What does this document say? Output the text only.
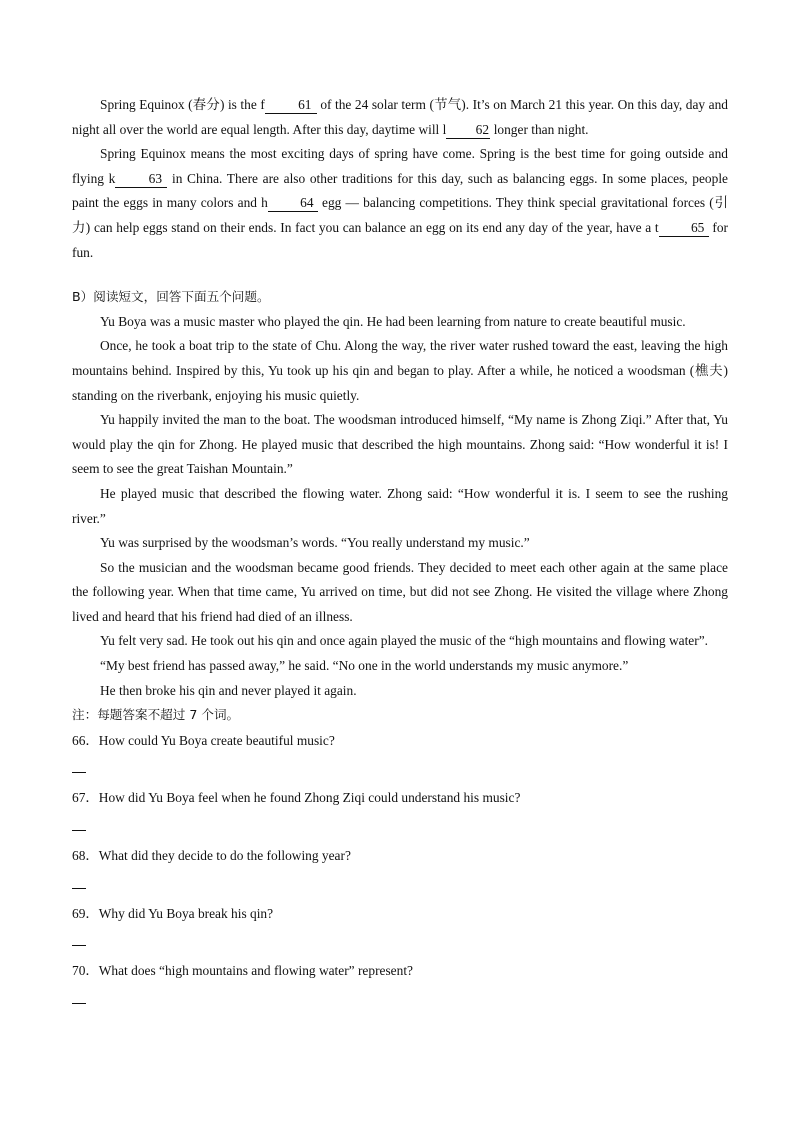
Spring Equinox (春分) is the f 61 of the 24 solar term (节气). It’s on March 21 this year. On this day, day and night all over the world are equal length. After this day, daytime will l 62 longer than night.

Spring Equinox means the most exciting days of spring have come. Spring is the best time for going outside and flying k 63 in China. There are also other traditions for this day, such as balancing eggs. In some places, people paint the eggs in many colors and h 64 egg — balancing competitions. They think special gravitational forces (引力) can help eggs stand on their ends. In fact you can balance an egg on its end any day of the year, have a t 65 for fun.

B）阅读短文，回答下面五个问题。

Yu Boya was a music master who played the qin. He had been learning from nature to create beautiful music.

Once, he took a boat trip to the state of Chu. Along the way, the river water rushed toward the east, leaving the high mountains behind. Inspired by this, Yu took up his qin and began to play. After a while, he noticed a woodsman (樵夫) standing on the riverbank, enjoying his music quietly.

Yu happily invited the man to the boat. The woodsman introduced himself, “My name is Zhong Ziqi.” After that, Yu would play the qin for Zhong. He played music that described the high mountains. Zhong said: “How wonderful it is! I seem to see the great Taishan Mountain.”

He played music that described the flowing water. Zhong said: “How wonderful it is. I seem to see the rushing river.”

Yu was surprised by the woodsman’s words. “You really understand my music.”

So the musician and the woodsman became good friends. They decided to meet each other again at the same place the following year. When that time came, Yu arrived on time, but did not see Zhong. He visited the village where Zhong lived and heard that his friend had died of an illness.

Yu felt very sad. He took out his qin and once again played the music of the “high mountains and flowing water”.

“My best friend has passed away,” he said. “No one in the world understands my music anymore.”

He then broke his qin and never played it again.

注：每题答案不超过 7 个词。

66．How could Yu Boya create beautiful music?

67．How did Yu Boya feel when he found Zhong Ziqi could understand his music?

68．What did they decide to do the following year?

69．Why did Yu Boya break his qin?

70．What does “high mountains and flowing water” represent?
